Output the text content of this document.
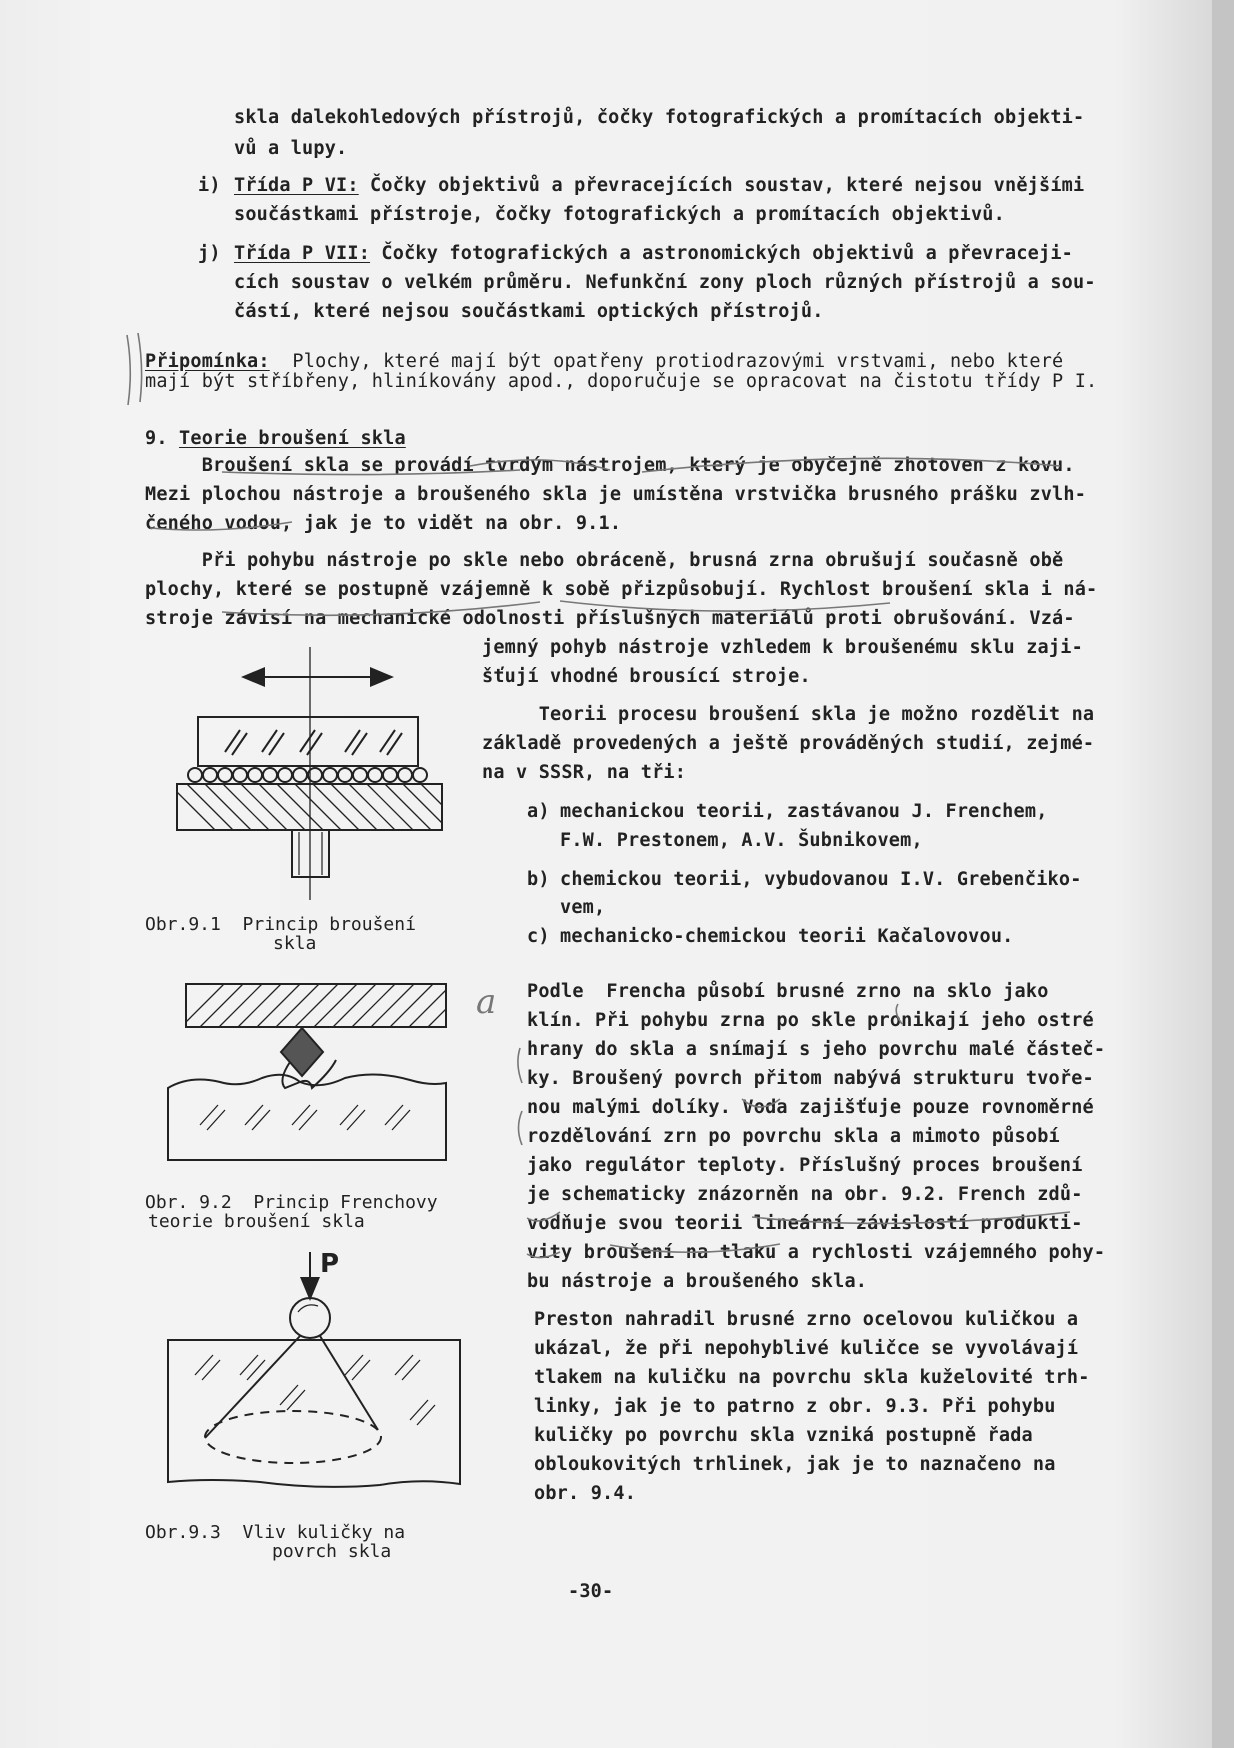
skla dalekohledových přístrojů, čočky fotografických a promítacích objekti-
vů a lupy.
i) Třída P VI: Čočky objektivů a převracejících soustav, které nejsou vnějšími
součástkami přístroje, čočky fotografických a promítacích objektivů.
j) Třída P VII: Čočky fotografických a astronomických objektivů a převraceji-
cích soustav o velkém průměru. Nefunkční zony ploch různých přístrojů a sou-
částí, které nejsou součástkami optických přístrojů.
Připomínka:  Plochy, které mají být opatřeny protiodrazovými vrstvami, nebo které
mají být stříbřeny, hliníkovány apod., doporučuje se opracovat na čistotu třídy P I.
9. Teorie broušení skla
Broušení skla se provádí tvrdým nástrojem, který je obyčejně zhotoven z kovu.
Mezi plochou nástroje a broušeného skla je umístěna vrstvička brusného prášku zvlh-
čeného vodou, jak je to vidět na obr. 9.1.
Při pohybu nástroje po skle nebo obráceně, brusná zrna obrušují současně obě
plochy, které se postupně vzájemně k sobě přizpůsobují. Rychlost broušení skla i ná-
stroje závisí na mechanické odolnosti příslušných materiálů proti obrušování. Vzá-
jemný pohyb nástroje vzhledem k broušenému sklu zaji-
šťují vhodné brousící stroje.
Teorii procesu broušení skla je možno rozdělit na
základě provedených a ještě prováděných studií, zejmé-
na v SSSR, na tři:
a) mechanickou teorii, zastávanou J. Frenchem,
F.W. Prestonem, A.V. Šubnikovem,
b) chemickou teorii, vybudovanou I.V. Grebenčiko-
vem,
c) mechanicko-chemickou teorii Kačalovovou.
a Podle  Frencha působí brusné zrno na sklo jako
klín. Při pohybu zrna po skle pronikají jeho ostré
hrany do skla a snímají s jeho povrchu malé částeč-
ky. Broušený povrch přitom nabývá strukturu tvoře-
nou malými dolíky. Voda zajišťuje pouze rovnoměrné
rozdělování zrn po povrchu skla a mimoto působí
jako regulátor teploty. Příslušný proces broušení
je schematicky znázorněn na obr. 9.2. French zdů-
vodňuje svou teorii lineární závislostí produkti-
vity broušení na tlaku a rychlosti vzájemného pohy-
bu nástroje a broušeného skla.
Preston nahradil brusné zrno ocelovou kuličkou a
ukázal, že při nepohyblivé kuličce se vyvolávají
tlakem na kuličku na povrchu skla kuželovité trh-
linky, jak je to patrno z obr. 9.3. Při pohybu
kuličky po povrchu skla vzniká postupně řada
obloukovitých trhlinek, jak je to naznačeno na
obr. 9.4.
Obr.9.1  Princip broušení
skla
Obr. 9.2  Princip Frenchovy
teorie broušení skla
Obr.9.3  Vliv kuličky na
povrch skla
-30-
P
